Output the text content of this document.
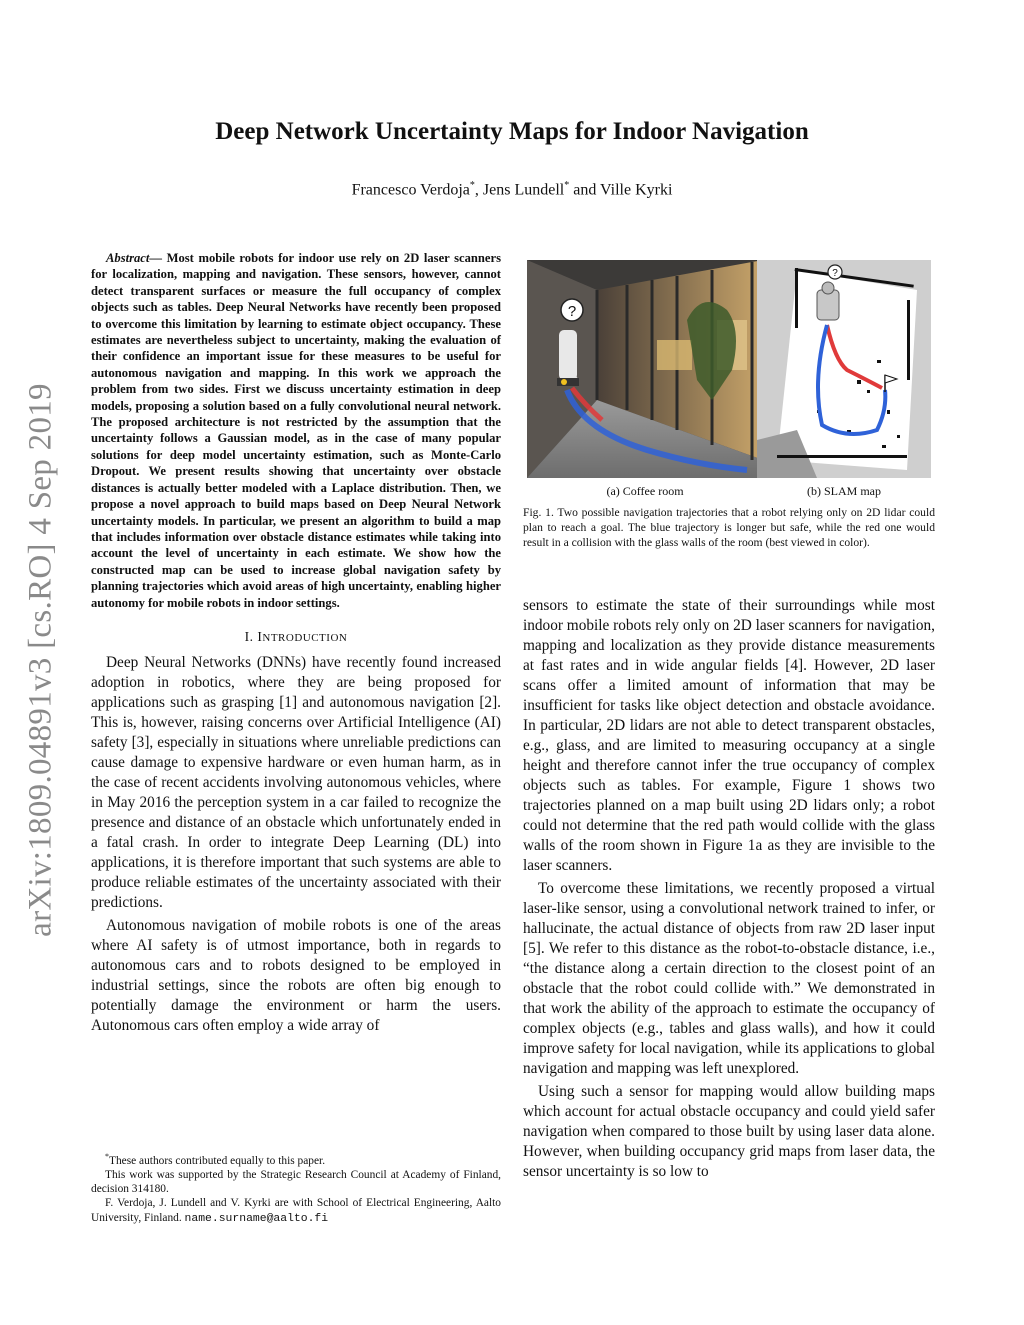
arXiv:1809.04891v3 [cs.RO] 4 Sep 2019
Deep Network Uncertainty Maps for Indoor Navigation
Francesco Verdoja*, Jens Lundell* and Ville Kyrki

Abstract— Most mobile robots for indoor use rely on 2D laser scanners for localization, mapping and navigation. These sensors, however, cannot detect transparent surfaces or measure the full occupancy of complex objects such as tables. Deep Neural Networks have recently been proposed to overcome this limitation by learning to estimate object occupancy. These estimates are nevertheless subject to uncertainty, making the evaluation of their confidence an important issue for these measures to be useful for autonomous navigation and mapping. In this work we approach the problem from two sides. First we discuss uncertainty estimation in deep models, proposing a solution based on a fully convolutional neural network. The proposed architecture is not restricted by the assumption that the uncertainty follows a Gaussian model, as in the case of many popular solutions for deep model uncertainty estimation, such as Monte-Carlo Dropout. We present results showing that uncertainty over obstacle distances is actually better modeled with a Laplace distribution. Then, we propose a novel approach to build maps based on Deep Neural Network uncertainty models. In particular, we present an algorithm to build a map that includes information over obstacle distance estimates while taking into account the level of uncertainty in each estimate. We show how the constructed map can be used to increase global navigation safety by planning trajectories which avoid areas of high uncertainty, enabling higher autonomy for mobile robots in indoor settings.

I. INTRODUCTION

Deep Neural Networks (DNNs) have recently found increased adoption in robotics, where they are being proposed for applications such as grasping [1] and autonomous navigation [2]. This is, however, raising concerns over Artificial Intelligence (AI) safety [3], especially in situations where unreliable predictions can cause damage to expensive hardware or even human harm, as in the case of recent accidents involving autonomous vehicles, where in May 2016 the perception system in a car failed to recognize the presence and distance of an obstacle which unfortunately ended in a fatal crash. In order to integrate Deep Learning (DL) into applications, it is therefore important that such systems are able to produce reliable estimates of the uncertainty associated with their predictions.

Autonomous navigation of mobile robots is one of the areas where AI safety is of utmost importance, both in regards to autonomous cars and to robots designed to be employed in industrial settings, since the robots are often big enough to potentially damage the environment or harm the users. Autonomous cars often employ a wide array of

*These authors contributed equally to this paper.

This work was supported by the Strategic Research Council at Academy of Finland, decision 314180.

F. Verdoja, J. Lundell and V. Kyrki are with School of Electrical Engineering, Aalto University, Finland. name.surname@aalto.fi

?
?
(a) Coffee room	(b) SLAM map

Fig. 1. Two possible navigation trajectories that a robot relying only on 2D lidar could plan to reach a goal. The blue trajectory is longer but safe, while the red one would result in a collision with the glass walls of the room (best viewed in color).

sensors to estimate the state of their surroundings while most indoor mobile robots rely only on 2D laser scanners for navigation, mapping and localization as they provide distance measurements at fast rates and in wide angular fields [4]. However, 2D laser scans offer a limited amount of information that may be insufficient for tasks like object detection and obstacle avoidance. In particular, 2D lidars are not able to detect transparent obstacles, e.g., glass, and are limited to measuring occupancy at a single height and therefore cannot infer the true occupancy of complex objects such as tables. For example, Figure 1 shows two trajectories planned on a map built using 2D lidars only; a robot could not determine that the red path would collide with the glass walls of the room shown in Figure 1a as they are invisible to the laser scanners.

To overcome these limitations, we recently proposed a virtual laser-like sensor, using a convolutional network trained to infer, or hallucinate, the actual distance of objects from raw 2D laser input [5]. We refer to this distance as the robot-to-obstacle distance, i.e., “the distance along a certain direction to the closest point of an obstacle that the robot could collide with.” We demonstrated in that work the ability of the approach to estimate the occupancy of complex objects (e.g., tables and glass walls), and how it could improve safety for local navigation, while its applications to global navigation and mapping was left unexplored.

Using such a sensor for mapping would allow building maps which account for actual obstacle occupancy and could yield safer navigation when compared to those built by using laser data alone. However, when building occupancy grid maps from laser data, the sensor uncertainty is so low to
